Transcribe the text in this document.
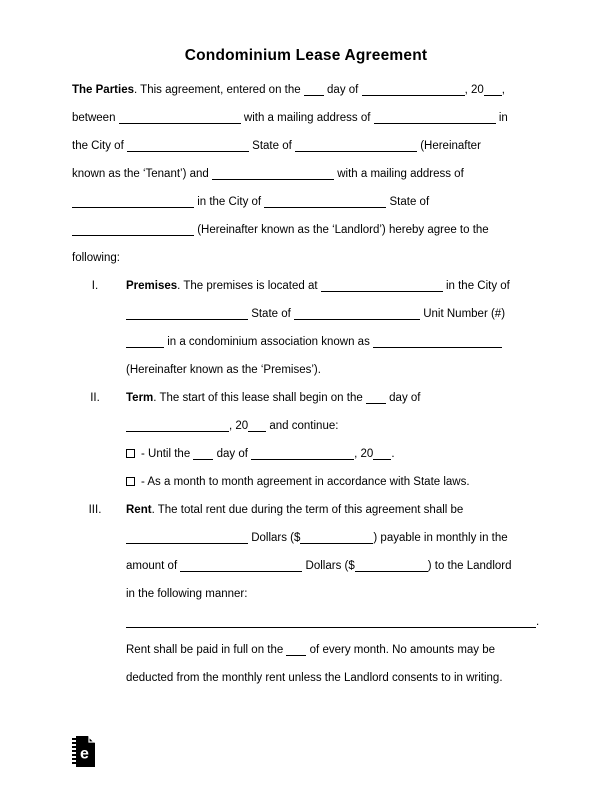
Condominium Lease Agreement
The Parties. This agreement, entered on the  day of	, 20 ,
between	with a mailing address of	in
the City of	State of	(Hereinafter
known as the ‘Tenant’) and	with a mailing address of
in the City of	State of
(Hereinafter known as the ‘Landlord’) hereby agree to the
following:
I. Premises. The premises is located at	in the City of
State of	Unit Number (#)
in a condominium association known as
(Hereinafter known as the ‘Premises’).
II. Term. The start of this lease shall begin on the  day of
, 20 and continue:
- Until the  day of	, 20 .
- As a month to month agreement in accordance with State laws.
III. Rent. The total rent due during the term of this agreement shall be
Dollars ($	) payable in monthly in the
amount of	Dollars ($	) to the Landlord
in the following manner:
.
Rent shall be paid in full on the  of every month. No amounts may be
deducted from the monthly rent unless the Landlord consents to in writing.
e
